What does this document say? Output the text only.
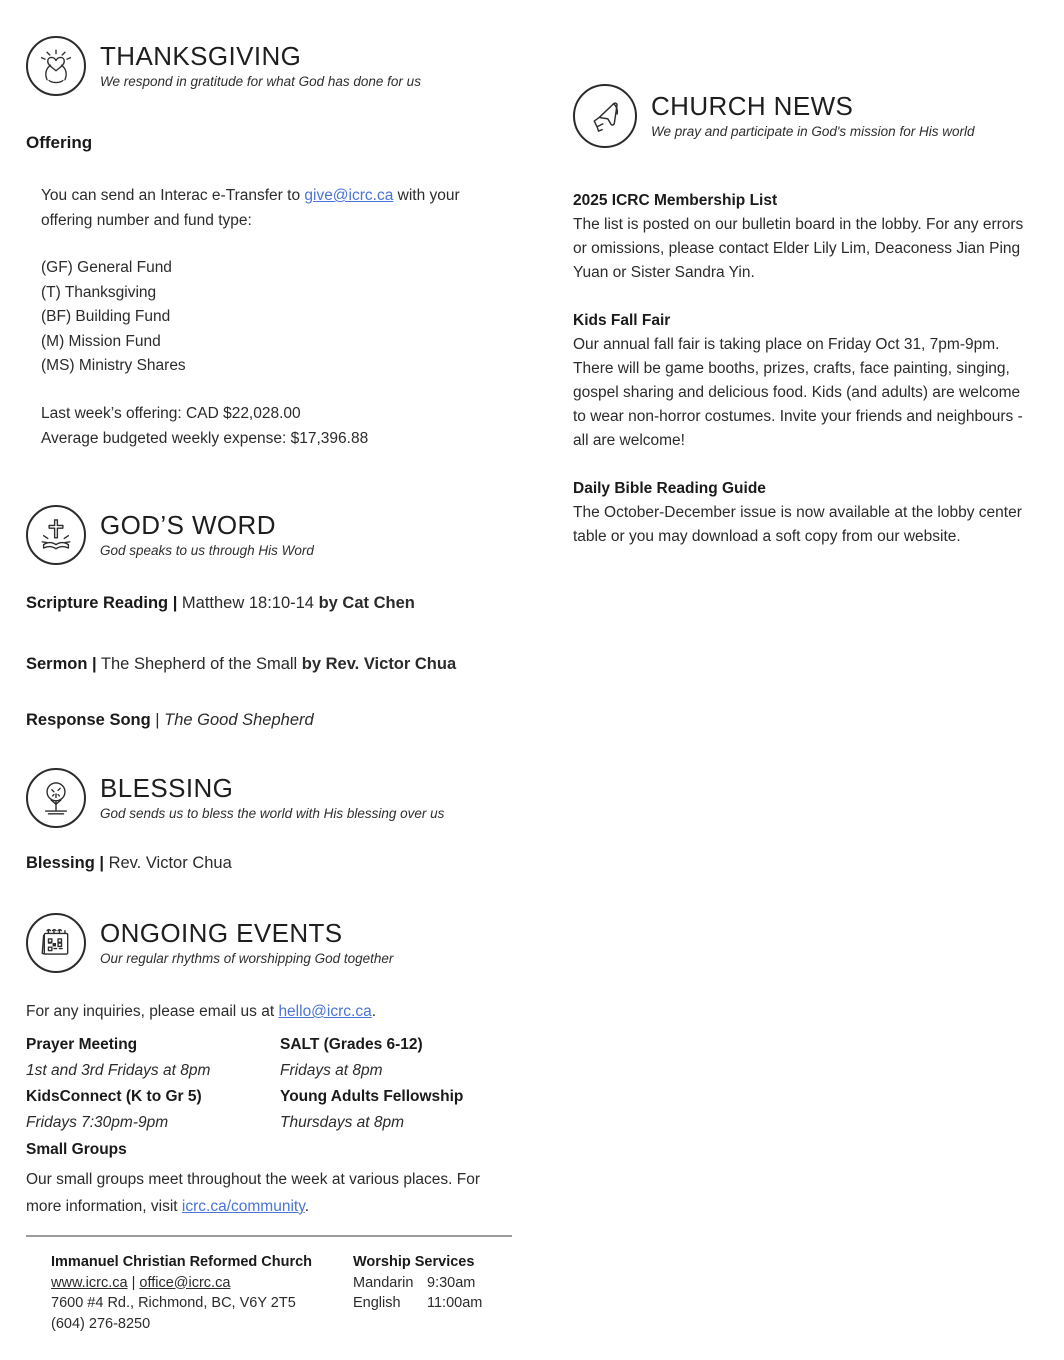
THANKSGIVING
We respond in gratitude for what God has done for us
Offering
You can send an Interac e-Transfer to give@icrc.ca with your offering number and fund type:
(GF) General Fund
(T) Thanksgiving
(BF) Building Fund
(M) Mission Fund
(MS) Ministry Shares
Last week’s offering: CAD $22,028.00
Average budgeted weekly expense: $17,396.88
GOD’S WORD
God speaks to us through His Word
Scripture Reading | Matthew 18:10-14 by Cat Chen
Sermon | The Shepherd of the Small by Rev. Victor Chua
Response Song | The Good Shepherd
BLESSING
God sends us to bless the world with His blessing over us
Blessing | Rev. Victor Chua
ONGOING EVENTS
Our regular rhythms of worshipping God together
For any inquiries, please email us at hello@icrc.ca.
Prayer Meeting	SALT (Grades 6-12)
1st and 3rd Fridays at 8pm	Fridays at 8pm
KidsConnect (K to Gr 5)	Young Adults Fellowship
Fridays 7:30pm-9pm	Thursdays at 8pm
Small Groups
Our small groups meet throughout the week at various places. For more information, visit icrc.ca/community.
Immanuel Christian Reformed Church
www.icrc.ca | office@icrc.ca
7600 #4 Rd., Richmond, BC, V6Y 2T5
(604) 276-8250
Worship Services
Mandarin 9:30am
English	11:00am
CHURCH NEWS
We pray and participate in God's mission for His world
2025 ICRC Membership List
The list is posted on our bulletin board in the lobby. For any errors or omissions, please contact Elder Lily Lim, Deaconess Jian Ping Yuan or Sister Sandra Yin.
Kids Fall Fair
Our annual fall fair is taking place on Friday Oct 31, 7pm-9pm. There will be game booths, prizes, crafts, face painting, singing, gospel sharing and delicious food. Kids (and adults) are welcome to wear non-horror costumes. Invite your friends and neighbours - all are welcome!
Daily Bible Reading Guide
The October-December issue is now available at the lobby center table or you may download a soft copy from our website.
